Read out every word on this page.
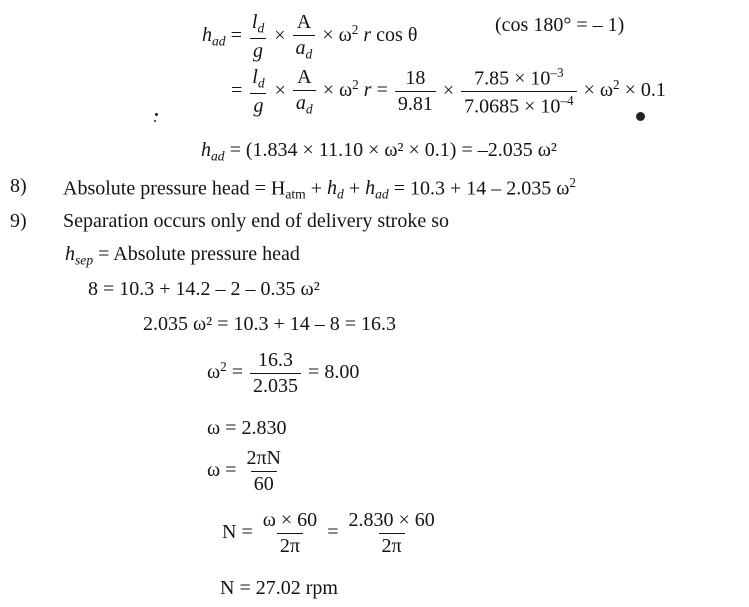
$h_{ad} = \frac{l_d}{g} \times \frac{A}{a_d} \times \omega^2$ r cos θ	(cos 180° = – 1)
= $\frac{l_d}{g} \times \frac{A}{a_d} \times \omega^2$ $r = \frac{18}{9.81} \times \frac{7.85 \times 10^{-3}}{7.0685 \times 10^{-4}} \times \omega^2 \times 0.1$
$h_{ad} = (1.834 \times 11.10 \times \omega^2 \times 0.1) = -2.035$ ω²
8) Absolute pressure head = $H_{atm} + h_d + h_{ad} = 10.3 + 14 - 2.035$ $\omega^2$
9) Separation occurs only end of delivery stroke so
$h_{sep}$ = Absolute pressure head
8 = 10.3 + 14.2 – 2 – 0.35 ω²
2.035 ω² = 10.3 + 14 – 8 = 16.3
$\omega^2 = \frac{16.3}{2.035} = 8.00$
ω = 2.830
$\omega = \frac{2\pi N}{60}$
$N = \frac{\omega \times 60}{2\pi} = \frac{2.830 \times 60}{2\pi}$
N = 27.02 rpm
